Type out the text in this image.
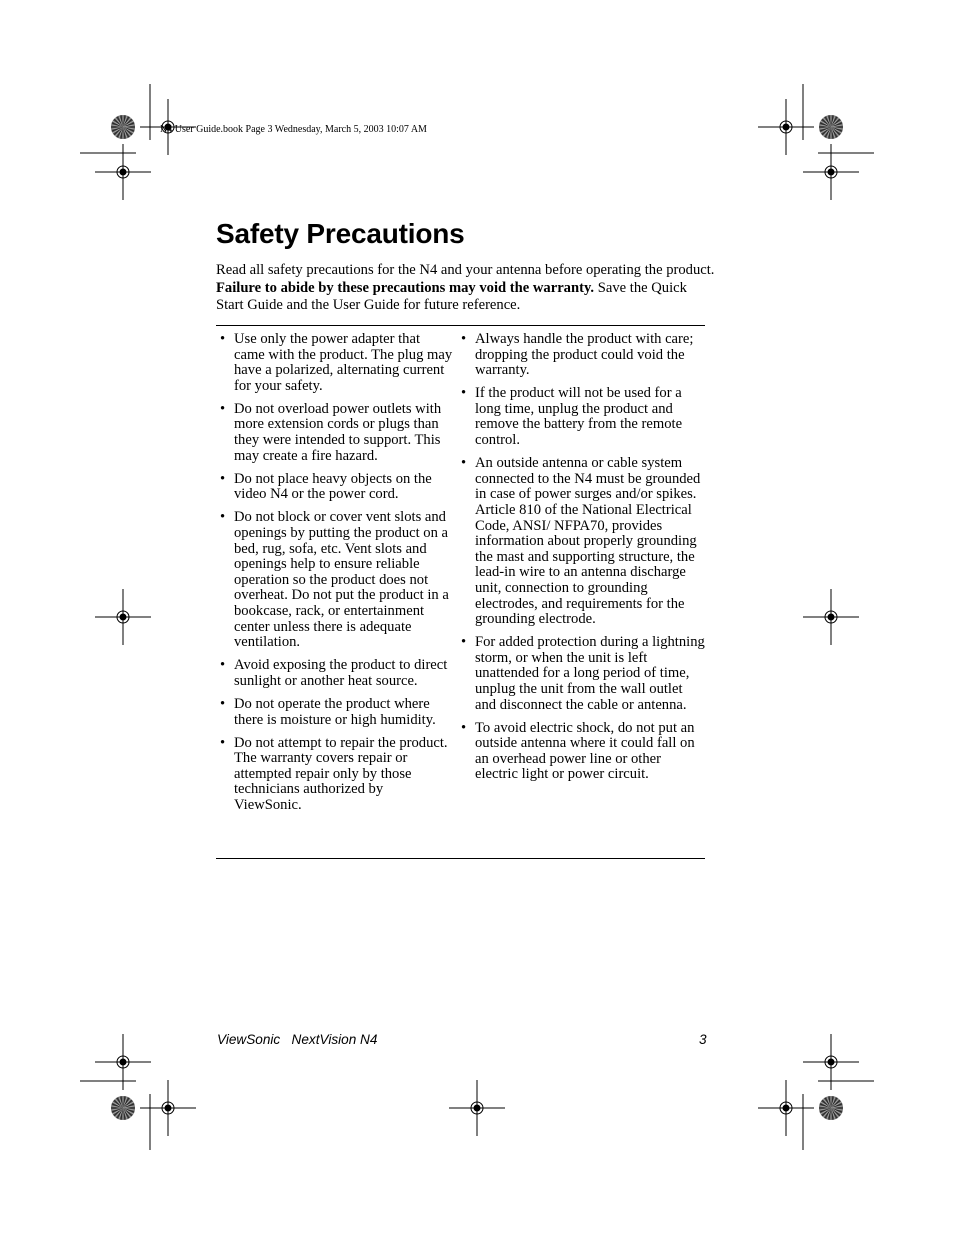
N4 User Guide.book Page 3 Wednesday, March 5, 2003 10:07 AM
Safety Precautions

Read all safety precautions for the N4 and your antenna before operating the product. Failure to abide by these precautions may void the warranty. Save the Quick Start Guide and the User Guide for future reference.

• Use only the power adapter that came with the product. The plug may have a polarized, alternating current for your safety.
• Do not overload power outlets with more extension cords or plugs than they were intended to support. This may create a fire hazard.
• Do not place heavy objects on the video N4 or the power cord.
• Do not block or cover vent slots and openings by putting the product on a bed, rug, sofa, etc. Vent slots and openings help to ensure reliable operation so the product does not overheat. Do not put the product in a bookcase, rack, or entertainment center unless there is adequate ventilation.
• Avoid exposing the product to direct sunlight or another heat source.
• Do not operate the product where there is moisture or high humidity.
• Do not attempt to repair the product. The warranty covers repair or attempted repair only by those technicians authorized by ViewSonic.
• Always handle the product with care; dropping the product could void the warranty.
• If the product will not be used for a long time, unplug the product and remove the battery from the remote control.
• An outside antenna or cable system connected to the N4 must be grounded in case of power surges and/or spikes. Article 810 of the National Electrical Code, ANSI/ NFPA70, provides information about properly grounding the mast and supporting structure, the lead-in wire to an antenna discharge unit, connection to grounding electrodes, and requirements for the grounding electrode.
• For added protection during a lightning storm, or when the unit is left unattended for a long period of time, unplug the unit from the wall outlet and disconnect the cable or antenna.
• To avoid electric shock, do not put an outside antenna where it could fall on an overhead power line or other electric light or power circuit.
ViewSonic   NextVision N4	3
